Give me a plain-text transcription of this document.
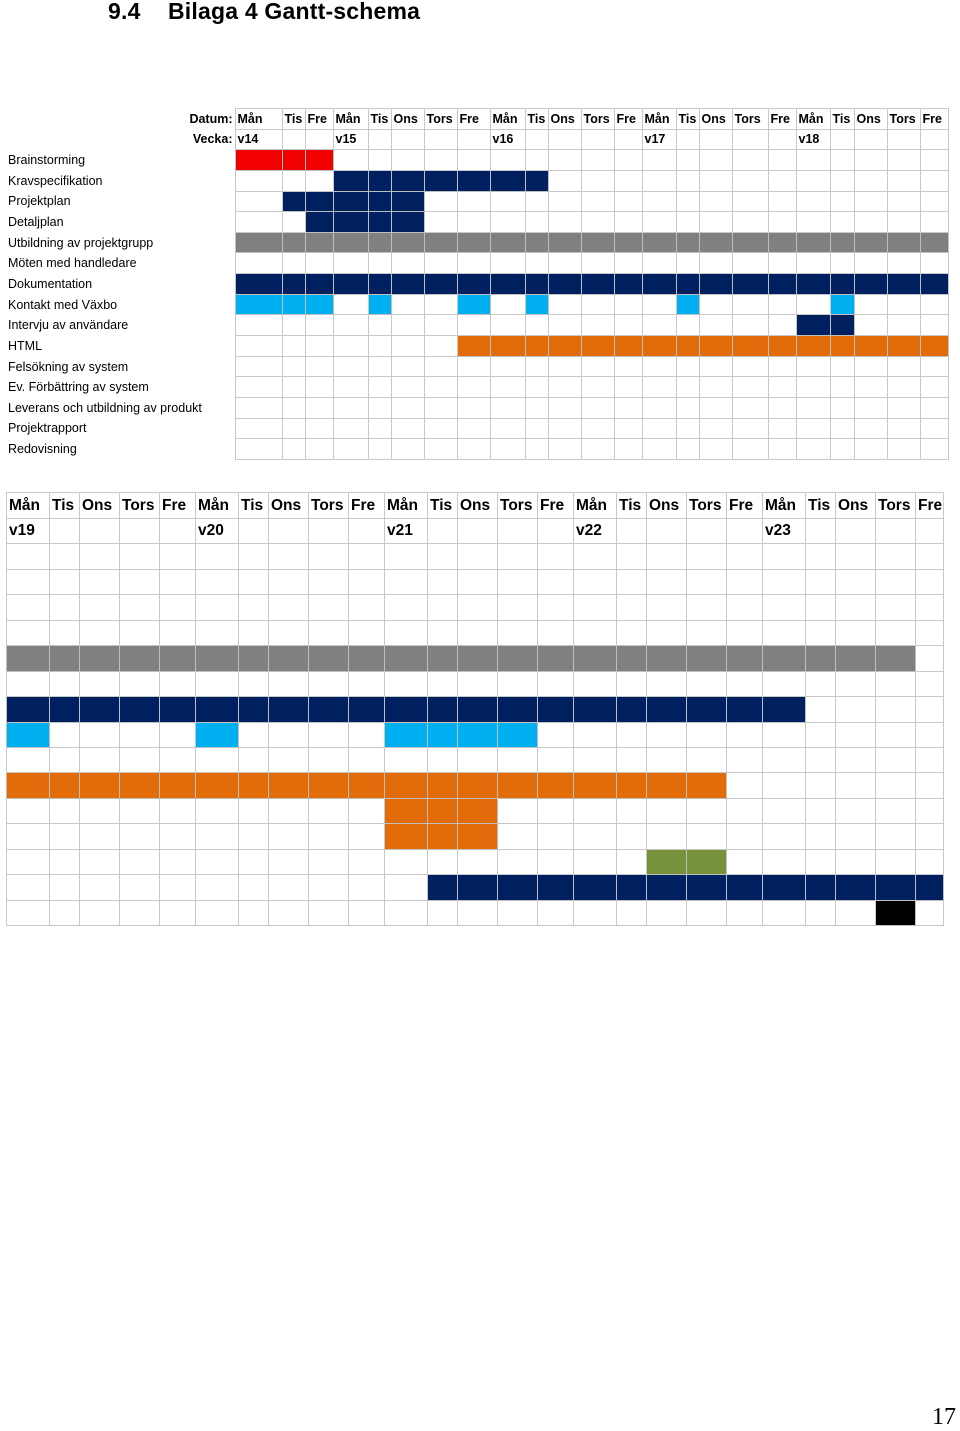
9.4 Bilaga 4 Gantt-schema
Datum:	Mån	Tis	Fre	Mån	Tis	Ons	Tors	Fre	Mån	Tis	Ons	Tors	Fre	Mån	Tis	Ons	Tors	Fre	Mån	Tis	Ons	Tors	Fre
Vecka:	v14			v15					v16					v17					v18				
Brainstorming																							
Kravspecifikation																							
Projektplan																							
Detaljplan																							
Utbildning av projektgrupp																							
Möten med handledare																							
Dokumentation																							
Kontakt med Växbo																							
Intervju av användare																							
HTML																							
Felsökning av system																							
Ev. Förbättring av system																							
Leverans och utbildning av produkt																							
Projektrapport																							
Redovisning																							
Mån	Tis	Ons	Tors	Fre	Mån	Tis	Ons	Tors	Fre	Mån	Tis	Ons	Tors	Fre	Mån	Tis	Ons	Tors	Fre	Mån	Tis	Ons	Tors	Fre
v19					v20					v21					v22					v23				

17
